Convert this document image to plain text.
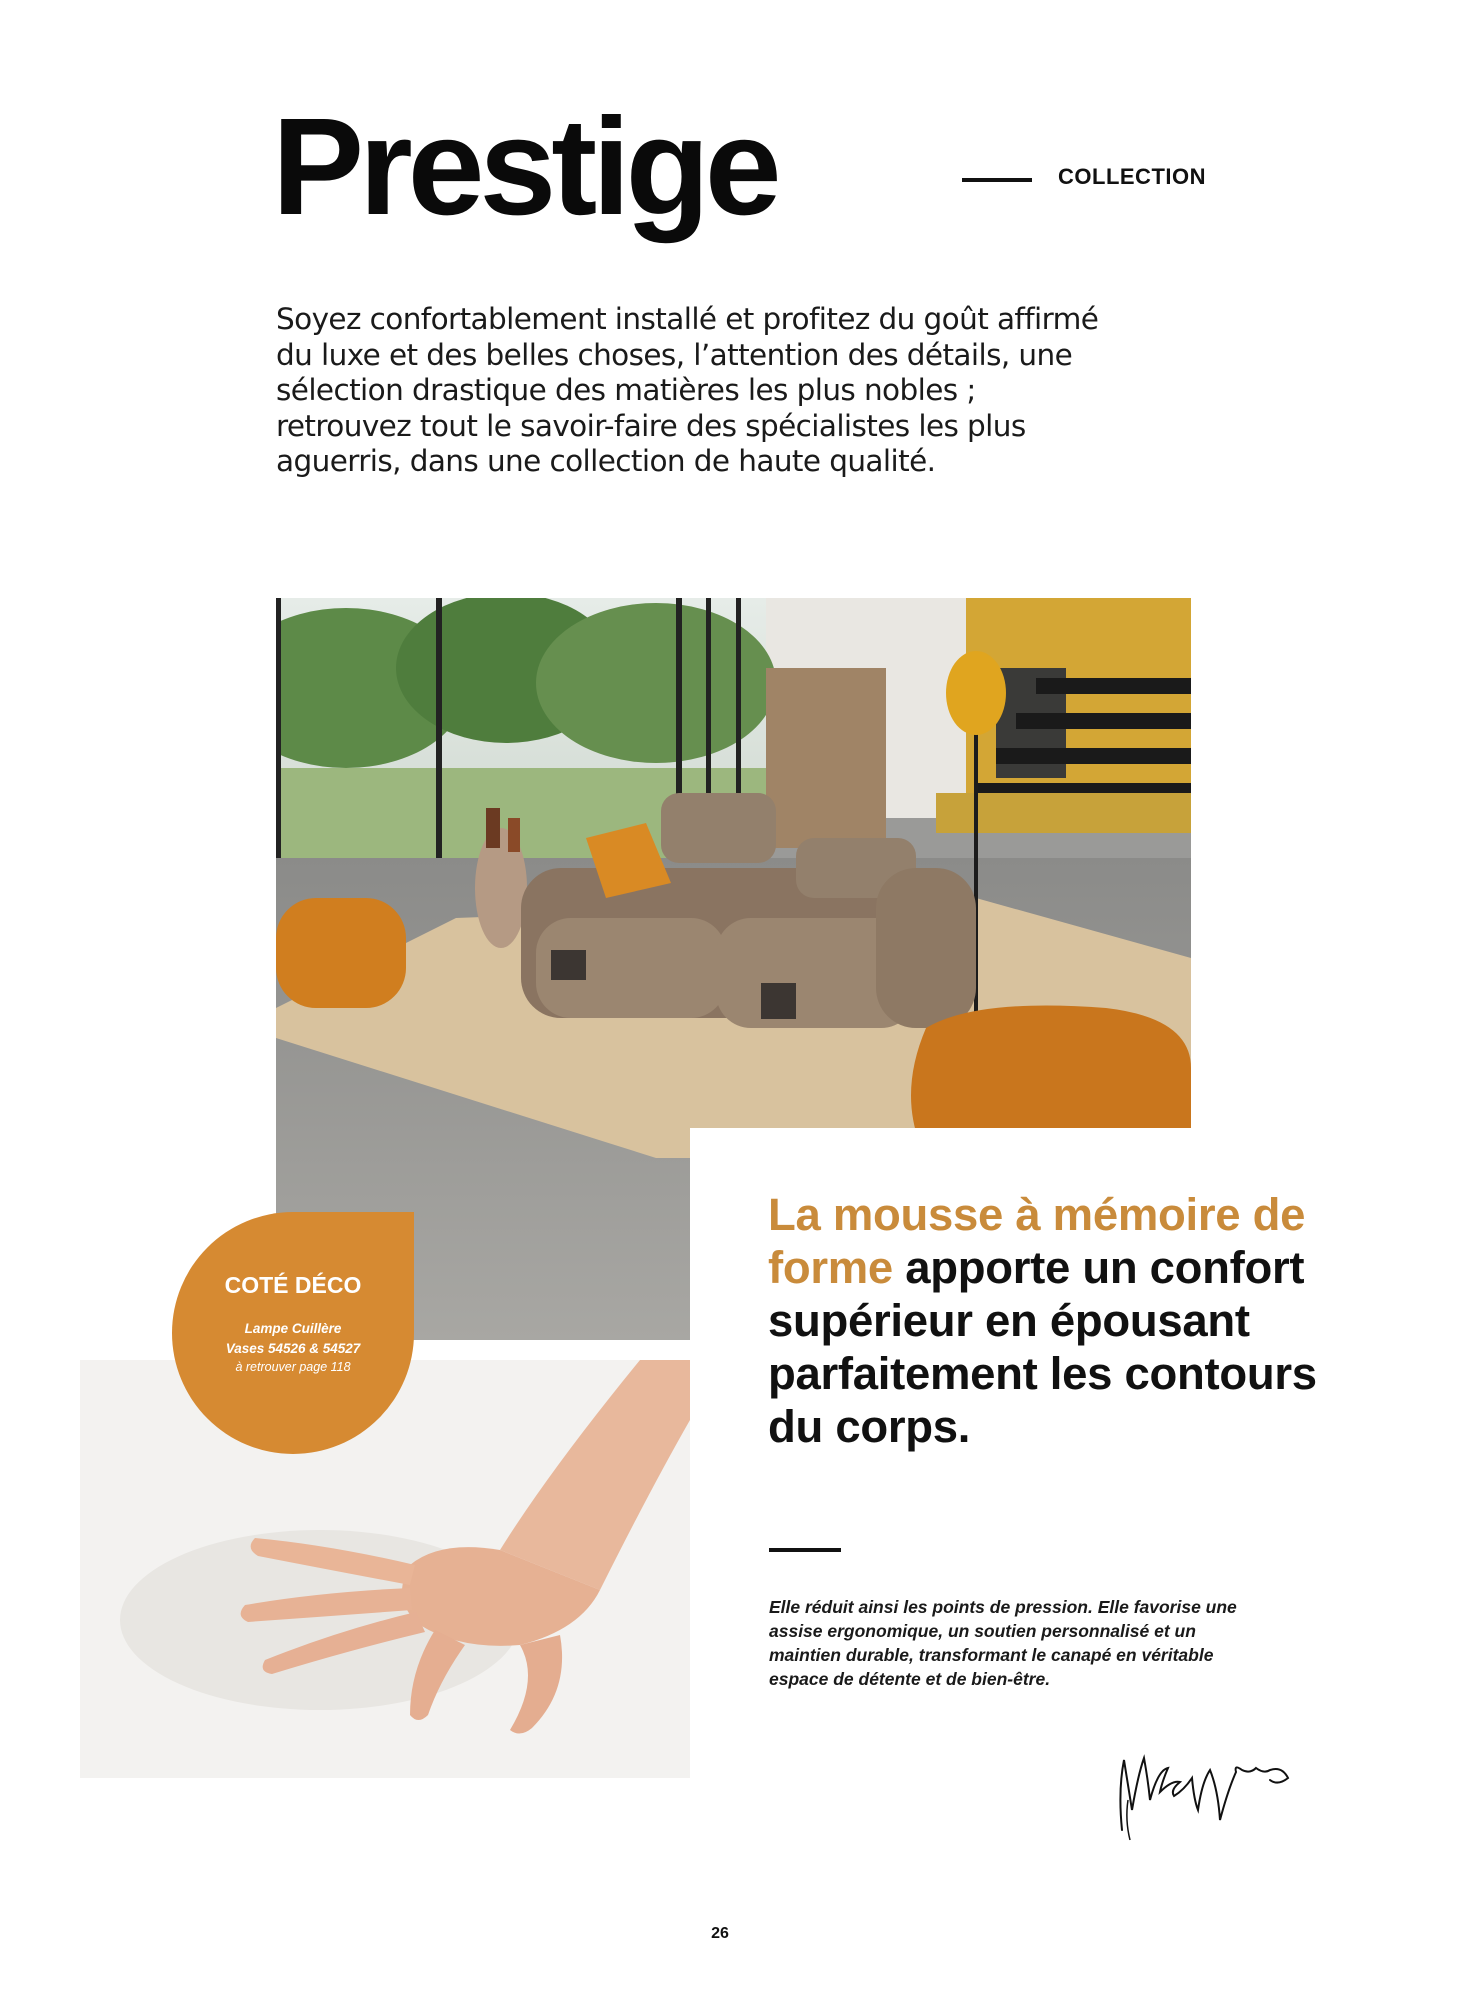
Prestige	COLLECTION

Soyez confortablement installé et profitez du goût affirmé du luxe et des belles choses, l’attention des détails, une sélection drastique des matières les plus nobles ; retrouvez tout le savoir-faire des spécialistes les plus aguerris, dans une collection de haute qualité.

COTÉ DÉCO
Lampe Cuillère
Vases 54526 & 54527
à retrouver page 118

La mousse à mémoire de forme apporte un confort supérieur en épousant parfaitement les contours du corps.

Elle réduit ainsi les points de pression. Elle favorise une assise ergonomique, un soutien personnalisé et un maintien durable, transformant le canapé en véritable espace de détente et de bien-être.

26
